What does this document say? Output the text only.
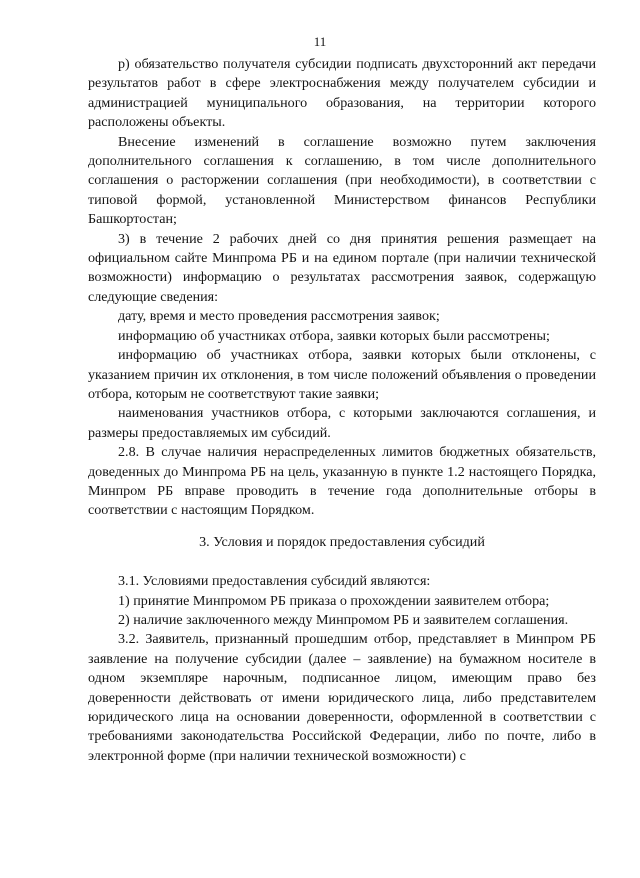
11

р) обязательство получателя субсидии подписать двухсторонний акт передачи результатов работ в сфере электроснабжения между получателем субсидии и администрацией муниципального образования, на территории которого расположены объекты.

Внесение изменений в соглашение возможно путем заключения дополнительного соглашения к соглашению, в том числе дополнительного соглашения о расторжении соглашения (при необходимости), в соответствии с типовой формой, установленной Министерством финансов Республики Башкортостан;

3) в течение 2 рабочих дней со дня принятия решения размещает на официальном сайте Минпрома РБ и на едином портале (при наличии технической возможности) информацию о результатах рассмотрения заявок, содержащую следующие сведения:

дату, время и место проведения рассмотрения заявок;

информацию об участниках отбора, заявки которых были рассмотрены;

информацию об участниках отбора, заявки которых были отклонены, с указанием причин их отклонения, в том числе положений объявления о проведении отбора, которым не соответствуют такие заявки;

наименования участников отбора, с которыми заключаются соглашения, и размеры предоставляемых им субсидий.

2.8. В случае наличия нераспределенных лимитов бюджетных обязательств, доведенных до Минпрома РБ на цель, указанную в пункте 1.2 настоящего Порядка, Минпром РБ вправе проводить в течение года дополнительные отборы в соответствии с настоящим Порядком.

3. Условия и порядок предоставления субсидий

3.1. Условиями предоставления субсидий являются:

1) принятие Минпромом РБ приказа о прохождении заявителем отбора;

2) наличие заключенного между Минпромом РБ и заявителем соглашения.

3.2. Заявитель, признанный прошедшим отбор, представляет в Минпром РБ заявление на получение субсидии (далее – заявление) на бумажном носителе в одном экземпляре нарочным, подписанное лицом, имеющим право без доверенности действовать от имени юридического лица, либо представителем юридического лица на основании доверенности, оформленной в соответствии с требованиями законодательства Российской Федерации, либо по почте, либо в электронной форме (при наличии технической возможности) с
